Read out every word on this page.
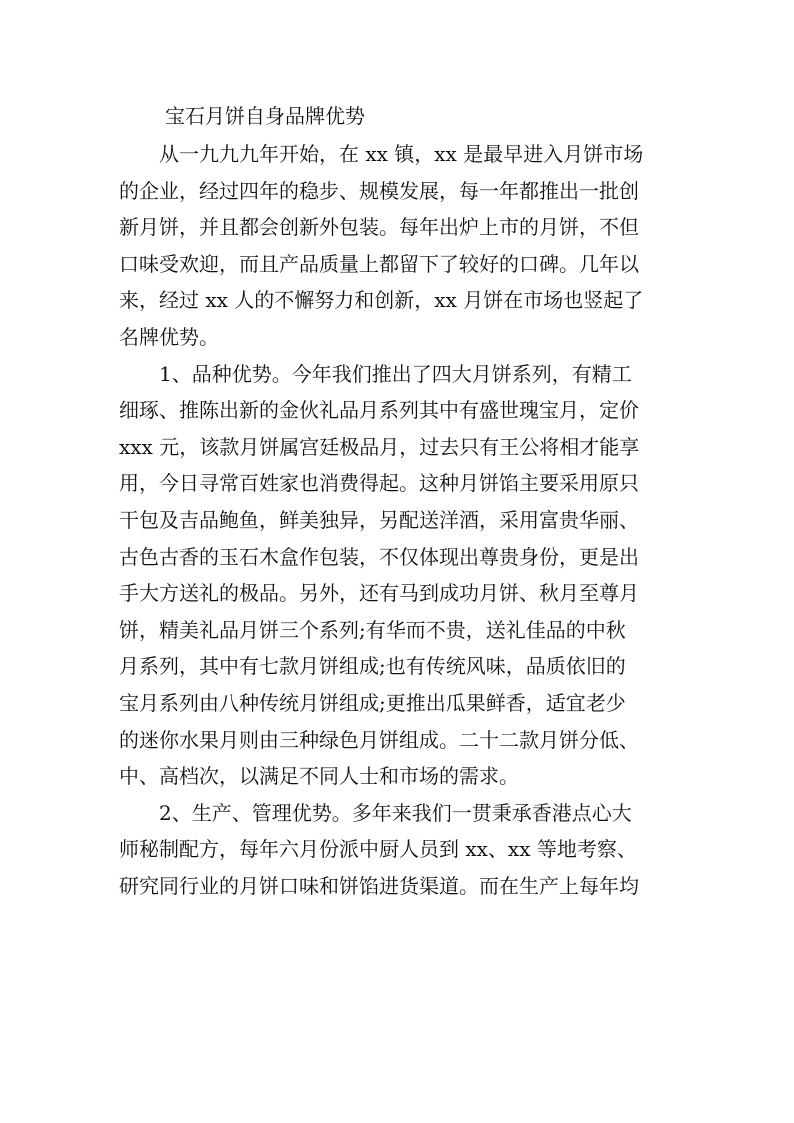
宝石月饼自身品牌优势

从一九九九年开始，在 xx 镇，xx 是最早进入月饼市场
的企业，经过四年的稳步、规模发展，每一年都推出一批创
新月饼，并且都会创新外包装。每年出炉上市的月饼，不但
口味受欢迎，而且产品质量上都留下了较好的口碑。几年以
来，经过 xx 人的不懈努力和创新，xx 月饼在市场也竖起了
名牌优势。

1、品种优势。今年我们推出了四大月饼系列，有精工
细琢、推陈出新的金伙礼品月系列其中有盛世瑰宝月，定价
xxx 元，该款月饼属宫廷极品月，过去只有王公将相才能享
用，今日寻常百姓家也消费得起。这种月饼馅主要采用原只
干包及吉品鲍鱼，鲜美独异，另配送洋酒，采用富贵华丽、
古色古香的玉石木盒作包装，不仅体现出尊贵身份，更是出
手大方送礼的极品。另外，还有马到成功月饼、秋月至尊月
饼，精美礼品月饼三个系列;有华而不贵，送礼佳品的中秋
月系列，其中有七款月饼组成;也有传统风味，品质依旧的
宝月系列由八种传统月饼组成;更推出瓜果鲜香，适宜老少
的迷你水果月则由三种绿色月饼组成。二十二款月饼分低、
中、高档次，以满足不同人士和市场的需求。

2、生产、管理优势。多年来我们一贯秉承香港点心大
师秘制配方，每年六月份派中厨人员到 xx、xx 等地考察、
研究同行业的月饼口味和饼馅进货渠道。而在生产上每年均
